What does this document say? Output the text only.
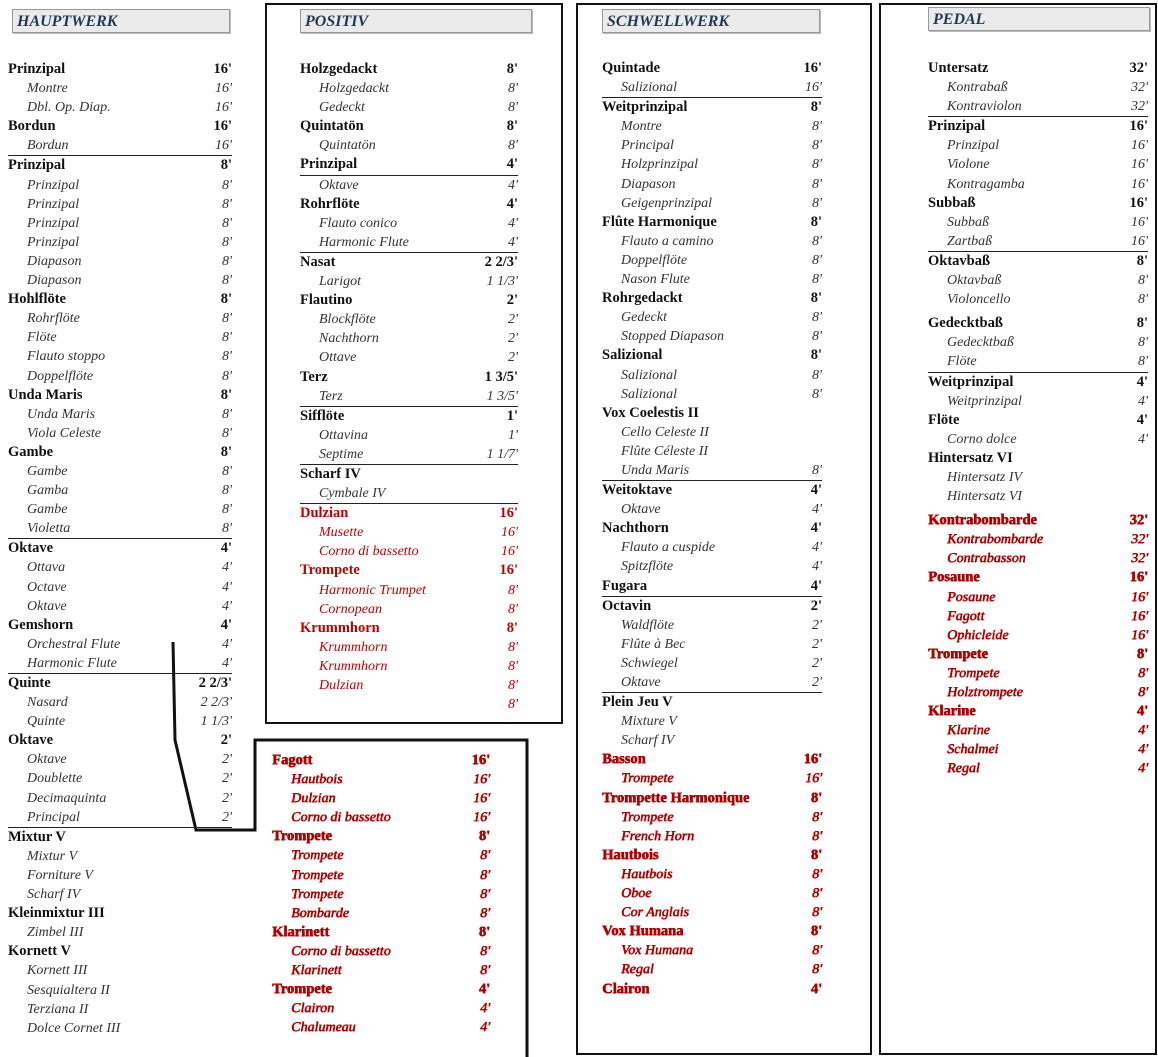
HAUPTWERK	POSITIV	SCHWELLWERK	PEDAL
Prinzipal	16'
Montre	16'
Dbl. Op. Diap.	16'
Bordun	16'
Bordun	16'
Prinzipal	8'
Prinzipal	8'
Prinzipal	8'
Prinzipal	8'
Prinzipal	8'
Diapason	8'
Diapason	8'
Hohlflöte	8'
Rohrflöte	8'
Flöte	8'
Flauto stoppo	8'
Doppelflöte	8'
Unda Maris	8'
Unda Maris	8'
Viola Celeste	8'
Gambe	8'
Gambe	8'
Gamba	8'
Gambe	8'
Violetta	8'
Oktave	4'
Ottava	4'
Octave	4'
Oktave	4'
Gemshorn	4'
Orchestral Flute	4'
Harmonic Flute	4'
Quinte	2 2/3'
Nasard	2 2/3'
Quinte	1 1/3'
Oktave	2'
Oktave	2'
Doublette	2'
Decimaquinta	2'
Principal	2'
Mixtur V
Mixtur V
Forniture V
Scharf IV
Kleinmixtur III
Zimbel III
Kornett V
Kornett III
Sesquialtera II
Terziana II
Dolce Cornet III
Holzgedackt	8'
Holzgedackt	8'
Gedeckt	8'
Quintatön	8'
Quintatön	8'
Prinzipal	4'
Oktave	4'
Rohrflöte	4'
Flauto conico	4'
Harmonic Flute	4'
Nasat	2 2/3'
Larigot	1 1/3'
Flautino	2'
Blockflöte	2'
Nachthorn	2'
Ottave	2'
Terz	1 3/5'
Terz	1 3/5'
Sifflöte	1'
Ottavina	1'
Septime	1 1/7'
Scharf IV
Cymbale IV
Dulzian	16'
Musette	16'
Corno di bassetto	16'
Trompete	16'
Harmonic Trumpet	8'
Cornopean	8'
Krummhorn	8'
Krummhorn	8'
Krummhorn	8'
Dulzian	8'
8'
Fagott	16'
Hautbois	16'
Dulzian	16'
Corno di bassetto	16'
Trompete	8'
Trompete	8'
Trompete	8'
Trompete	8'
Bombarde	8'
Klarinett	8'
Corno di bassetto	8'
Klarinett	8'
Trompete	4'
Clairon	4'
Chalumeau	4'
Quintade	16'
Salizional	16'
Weitprinzipal	8'
Montre	8'
Principal	8'
Holzprinzipal	8'
Diapason	8'
Geigenprinzipal	8'
Flûte Harmonique	8'
Flauto a camino	8'
Doppelflöte	8'
Nason Flute	8'
Rohrgedackt	8'
Gedeckt	8'
Stopped Diapason	8'
Salizional	8'
Salizional	8'
Salizional	8'
Vox Coelestis II
Cello Celeste II
Flûte Céleste II
Unda Maris	8'
Weitoktave	4'
Oktave	4'
Nachthorn	4'
Flauto a cuspide	4'
Spitzflöte	4'
Fugara	4'
Octavin	2'
Waldflöte	2'
Flûte à Bec	2'
Schwiegel	2'
Oktave	2'
Plein Jeu V
Mixture V
Scharf IV
Basson	16'
Trompete	16'
Trompette Harmonique	8'
Trompete	8'
French Horn	8'
Hautbois	8'
Hautbois	8'
Oboe	8'
Cor Anglais	8'
Vox Humana	8'
Vox Humana	8'
Regal	8'
Clairon	4'
Untersatz	32'
Kontrabaß	32'
Kontraviolon	32'
Prinzipal	16'
Prinzipal	16'
Violone	16'
Kontragamba	16'
Subbaß	16'
Subbaß	16'
Zartbaß	16'
Oktavbaß	8'
Oktavbaß	8'
Violoncello	8'
Gedecktbaß	8'
Gedecktbaß	8'
Flöte	8'
Weitprinzipal	4'
Weitprinzipal	4'
Flöte	4'
Corno dolce	4'
Hintersatz VI
Hintersatz IV
Hintersatz VI
Kontrabombarde	32'
Kontrabombarde	32'
Contrabasson	32'
Posaune	16'
Posaune	16'
Fagott	16'
Ophicleide	16'
Trompete	8'
Trompete	8'
Holztrompete	8'
Klarine	4'
Klarine	4'
Schalmei	4'
Regal	4'
